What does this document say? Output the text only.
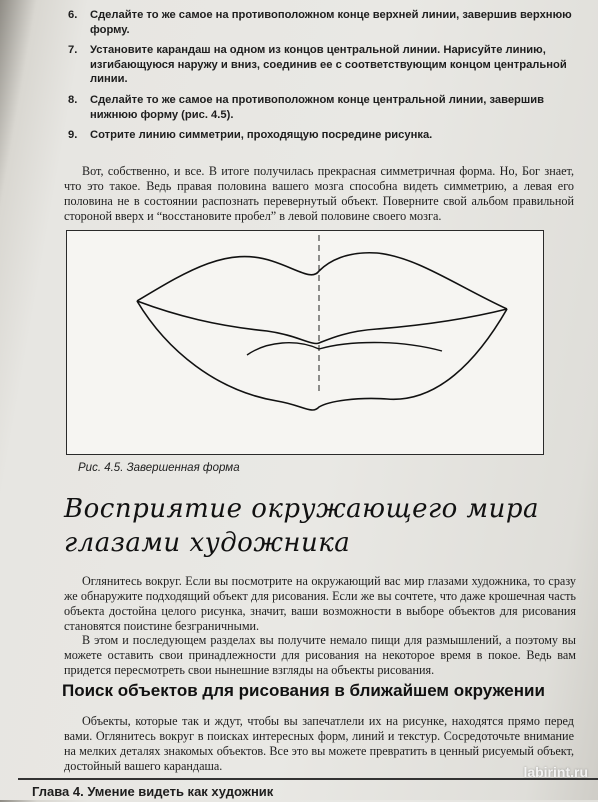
6.	Сделайте то же самое на противоположном конце верхней линии, завершив верхнюю форму.
7.	Установите карандаш на одном из концов центральной линии. Нарисуйте линию, изгибающуюся наружу и вниз, соединив ее с соответствующим концом центральной линии.
8.	Сделайте то же самое на противоположном конце центральной линии, завершив нижнюю форму (рис. 4.5).
9.	Сотрите линию симметрии, проходящую посредине рисунка.
Вот, собственно, и все. В итоге получилась прекрасная симметричная форма. Но, Бог знает, что это такое. Ведь правая половина вашего мозга способна видеть симметрию, а левая его половина не в состоянии распознать перевернутый объект. Поверните свой альбом правильной стороной вверх и “восстановите пробел” в левой половине своего мозга.
Рис. 4.5. Завершенная форма
Восприятие окружающего мира глазами художника
Оглянитесь вокруг. Если вы посмотрите на окружающий вас мир глазами художника, то сразу же обнаружите подходящий объект для рисования. Если же вы сочтете, что даже крошечная часть объекта достойна целого рисунка, значит, ваши возможности в выборе объектов для рисования становятся поистине безграничными.
В этом и последующем разделах вы получите немало пищи для размышлений, а поэтому вы можете оставить свои принадлежности для рисования на некоторое время в покое. Ведь вам придется пересмотреть свои нынешние взгляды на объекты рисования.
Поиск объектов для рисования в ближайшем окружении
Объекты, которые так и ждут, чтобы вы запечатлели их на рисунке, находятся прямо перед вами. Оглянитесь вокруг в поисках интересных форм, линий и текстур. Сосредоточьте внимание на мелких деталях знакомых объектов. Все это вы можете превратить в ценный рисуемый объект, достойный вашего карандаша.
Глава 4. Умение видеть как художник
labirint.ru
